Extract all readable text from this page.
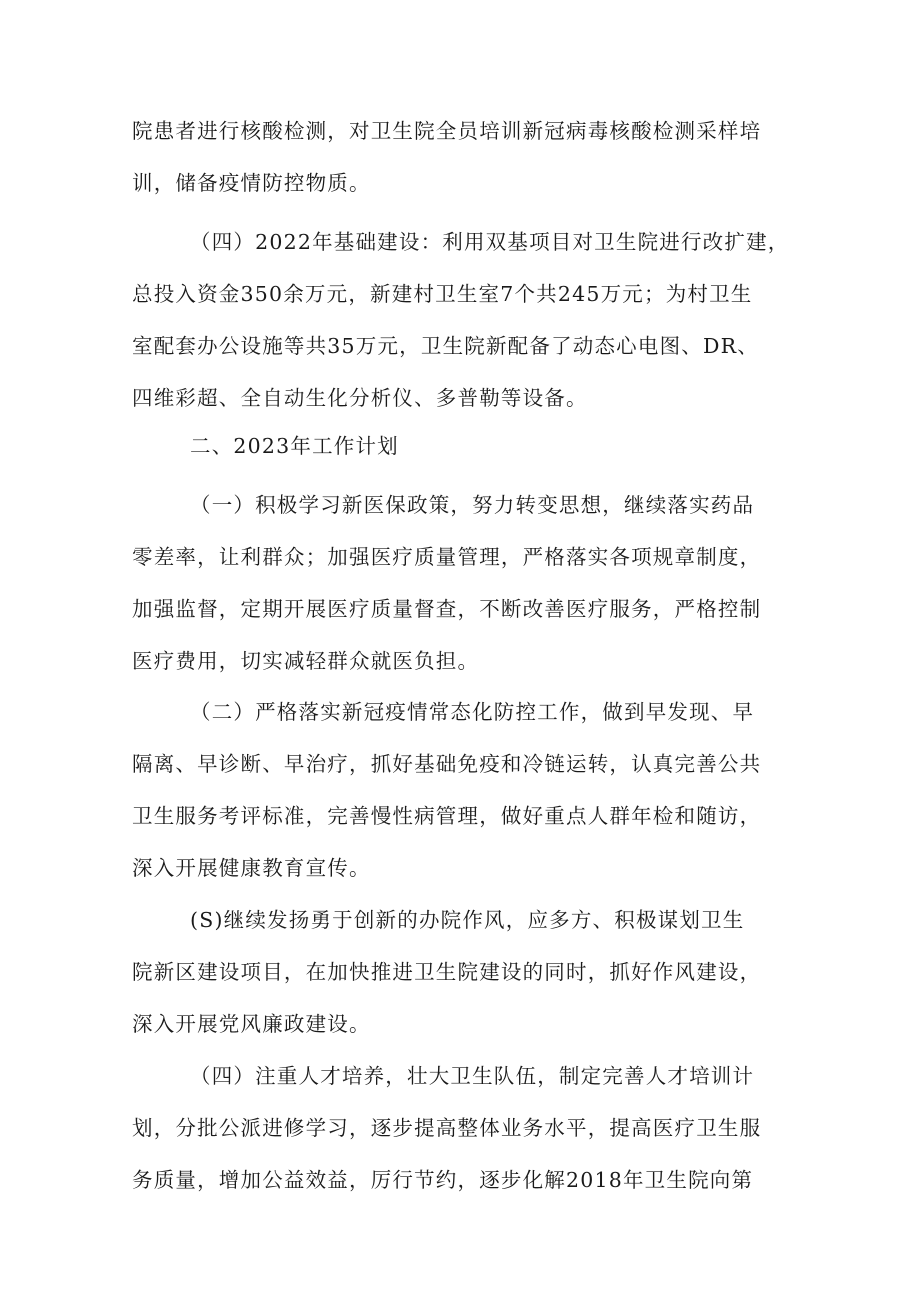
院患者进行核酸检测，对卫生院全员培训新冠病毒核酸检测采样培
训，储备疫情防控物质。

（四）2022年基础建设：利用双基项目对卫生院进行改扩建，
总投入资金350余万元，新建村卫生室7个共245万元；为村卫生
室配套办公设施等共35万元，卫生院新配备了动态心电图、DR、
四维彩超、全自动生化分析仪、多普勒等设备。

二、2023年工作计划

（一）积极学习新医保政策，努力转变思想，继续落实药品
零差率，让利群众；加强医疗质量管理，严格落实各项规章制度，
加强监督，定期开展医疗质量督查，不断改善医疗服务，严格控制
医疗费用，切实减轻群众就医负担。

（二）严格落实新冠疫情常态化防控工作，做到早发现、早
隔离、早诊断、早治疗，抓好基础免疫和冷链运转，认真完善公共
卫生服务考评标准，完善慢性病管理，做好重点人群年检和随访，
深入开展健康教育宣传。

(S)继续发扬勇于创新的办院作风，应多方、积极谋划卫生
院新区建设项目，在加快推进卫生院建设的同时，抓好作风建设，
深入开展党风廉政建设。

（四）注重人才培养，壮大卫生队伍，制定完善人才培训计
划，分批公派进修学习，逐步提高整体业务水平，提高医疗卫生服
务质量，增加公益效益，厉行节约，逐步化解2018年卫生院向第
